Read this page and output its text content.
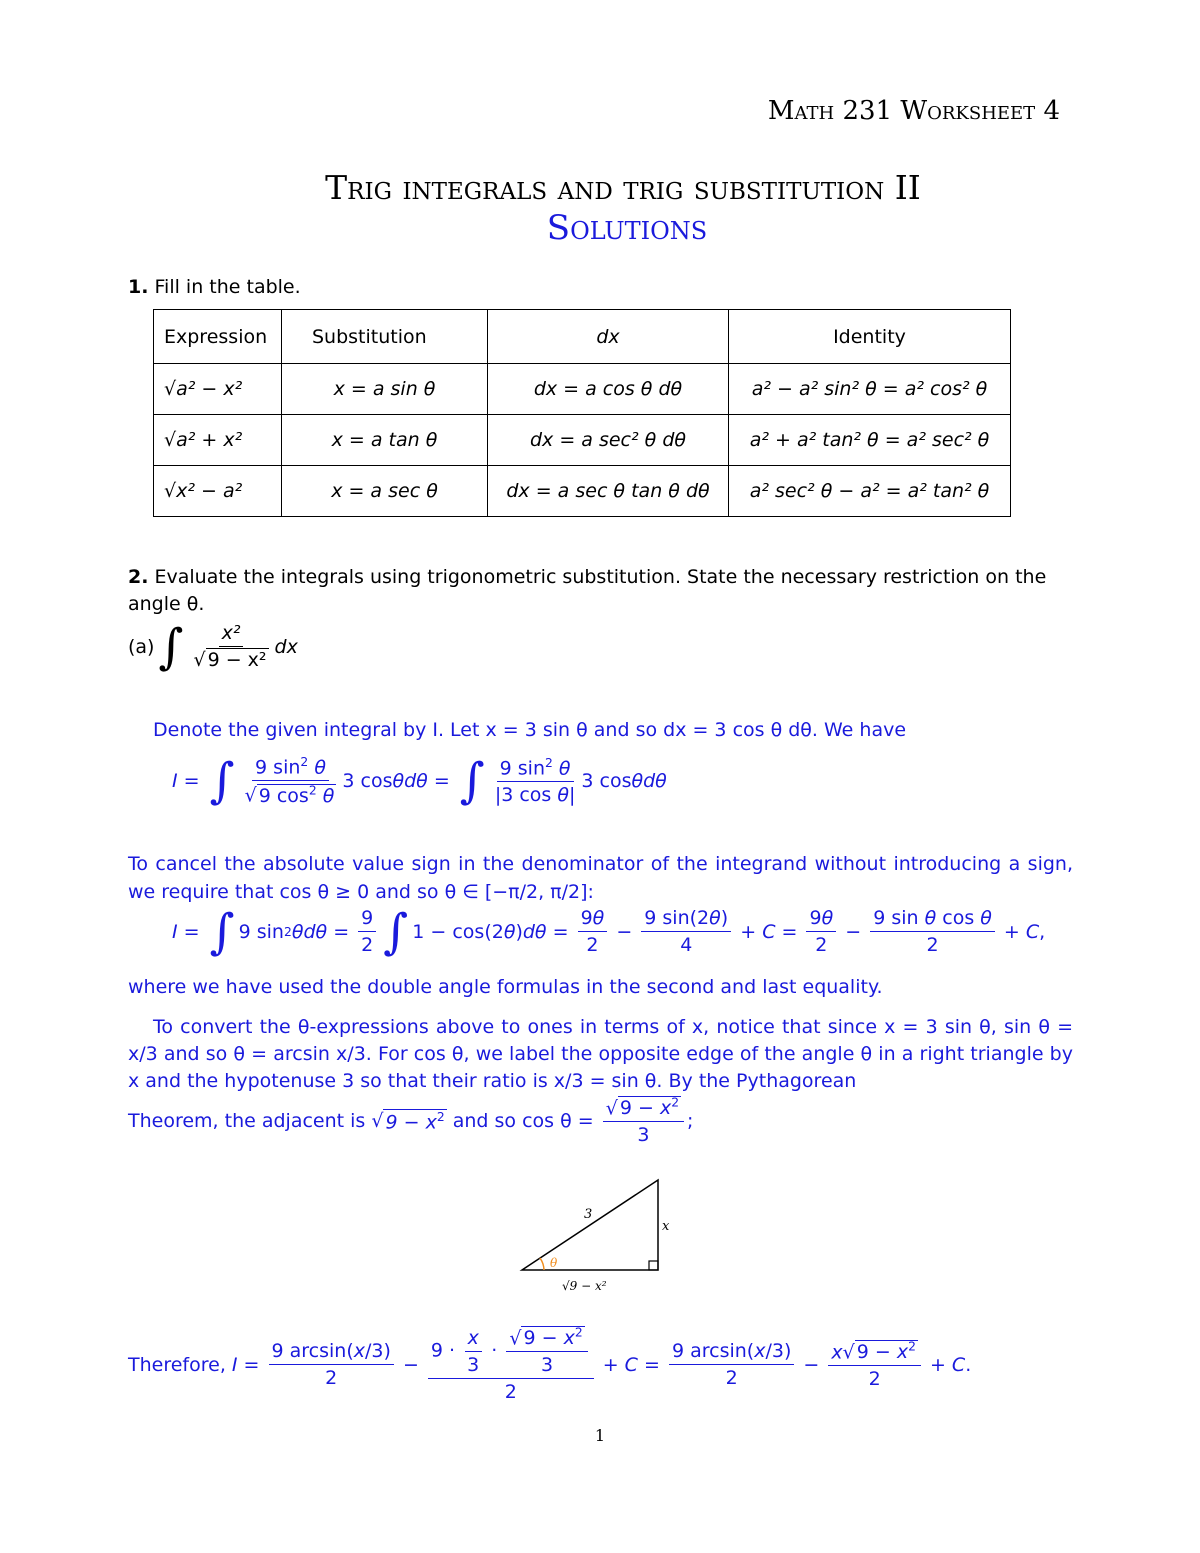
Math 231 Worksheet 4
Trig integrals and trig substitution II
Solutions
1. Fill in the table.
Expression	Substitution	dx	Identity
√a² − x²	x = a sin θ	dx = a cos θ dθ	a² − a² sin² θ = a² cos² θ
√a² + x²	x = a tan θ	dx = a sec² θ dθ	a² + a² tan² θ = a² sec² θ
√x² − a²	x = a sec θ	dx = a sec θ tan θ dθ	a² sec² θ − a² = a² tan² θ
2. Evaluate the integrals using trigonometric substitution. State the necessary restriction on the angle θ.
(a) ∫ $\frac{\text{x²}}{\text{√ 9 − x²}}$ dx
Denote the given integral by I. Let x = 3 sin θ and so dx = 3 cos θ dθ. We have
I = ∫ $\frac{9 \sin^2 \theta}{√ 9 \cos^2 \theta} 3$ cos θ dθ = ∫ $\frac{9 \sin^2 \theta}{\text{|3 cos θ|}} 3$ cos θ dθ
To cancel the absolute value sign in the denominator of the integrand without introducing a sign, we require that cos θ ≥ 0 and so θ ∈ [−π/2, π/2]:
I = ∫ 9 sin 2 θ $d\theta = \frac{9}{2}$ ∫ 1 − cos(2 θ ) $d\theta = \frac{9\theta}{2} - \frac{9 \sin(2\theta)}{4} + C = \frac{9\theta}{2} - \frac{\text{9 sin θ cos θ}}{2} + C$ ,
where we have used the double angle formulas in the second and last equality.
To convert the θ-expressions above to ones in terms of x, notice that since x = 3 sin θ, sin θ = x/3 and so θ = arcsin x/3. For cos θ, we label the opposite edge of the angle θ in a right triangle by x and the hypotenuse 3 so that their ratio is x/3 = sin θ. By the Pythagorean
Theorem, the adjacent is √ $9 - x^2$
and so cos θ =
$\frac{√ 9 - x^2}{3}$ ;
3
x
θ
√9 − x²
Therefore,
$I = \frac{9 \arcsin(x/3)}{2} - \frac{9 \cdot \frac{x}{3} \cdot \frac{√ 9 - x^2}{3}}{2} + C = \frac{9 \arcsin(x/3)}{2} - \frac{x√ 9 - x^2}{2} + C$ .
1
